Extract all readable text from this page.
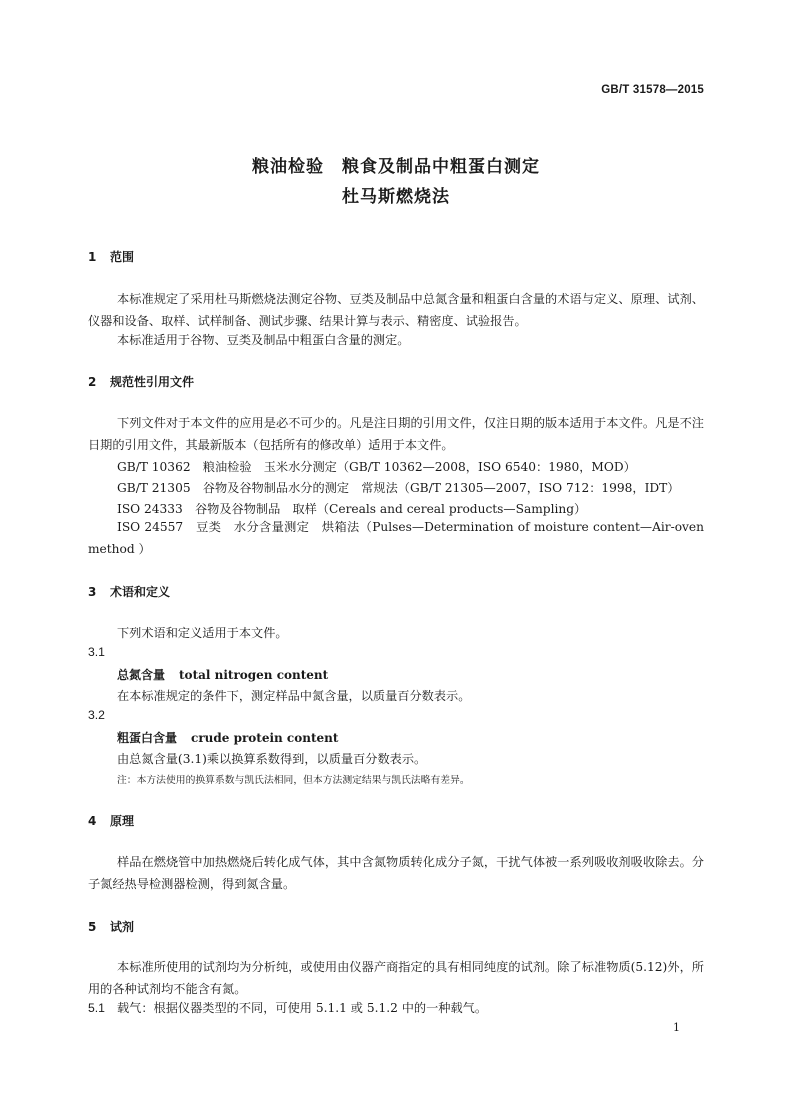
GB/T 31578—2015
粮油检验　粮食及制品中粗蛋白测定
杜马斯燃烧法
1 范围
本标准规定了采用杜马斯燃烧法测定谷物、豆类及制品中总氮含量和粗蛋白含量的术语与定义、原理、试剂、仪器和设备、取样、试样制备、测试步骤、结果计算与表示、精密度、试验报告。
本标准适用于谷物、豆类及制品中粗蛋白含量的测定。
2 规范性引用文件
下列文件对于本文件的应用是必不可少的。凡是注日期的引用文件，仅注日期的版本适用于本文件。凡是不注日期的引用文件，其最新版本（包括所有的修改单）适用于本文件。
GB/T 10362　粮油检验　玉米水分测定（GB/T 10362—2008，ISO 6540：1980，MOD）
GB/T 21305　谷物及谷物制品水分的测定　常规法（GB/T 21305—2007，ISO 712：1998，IDT）
ISO 24333　谷物及谷物制品　取样（Cereals and cereal products—Sampling）
ISO 24557　豆类　水分含量测定　烘箱法（Pulses—Determination of moisture content—Air-oven method ）
3 术语和定义
下列术语和定义适用于本文件。
3.1
总氮含量 total nitrogen content
在本标准规定的条件下，测定样品中氮含量，以质量百分数表示。
3.2
粗蛋白含量 crude protein content
由总氮含量(3.1)乘以换算系数得到，以质量百分数表示。
注：本方法使用的换算系数与凯氏法相同，但本方法测定结果与凯氏法略有差异。
4 原理
样品在燃烧管中加热燃烧后转化成气体，其中含氮物质转化成分子氮，干扰气体被一系列吸收剂吸收除去。分子氮经热导检测器检测，得到氮含量。
5 试剂
本标准所使用的试剂均为分析纯，或使用由仪器产商指定的具有相同纯度的试剂。除了标准物质(5.12)外，所用的各种试剂均不能含有氮。
5.1 载气：根据仪器类型的不同，可使用 5.1.1 或 5.1.2 中的一种载气。
1
